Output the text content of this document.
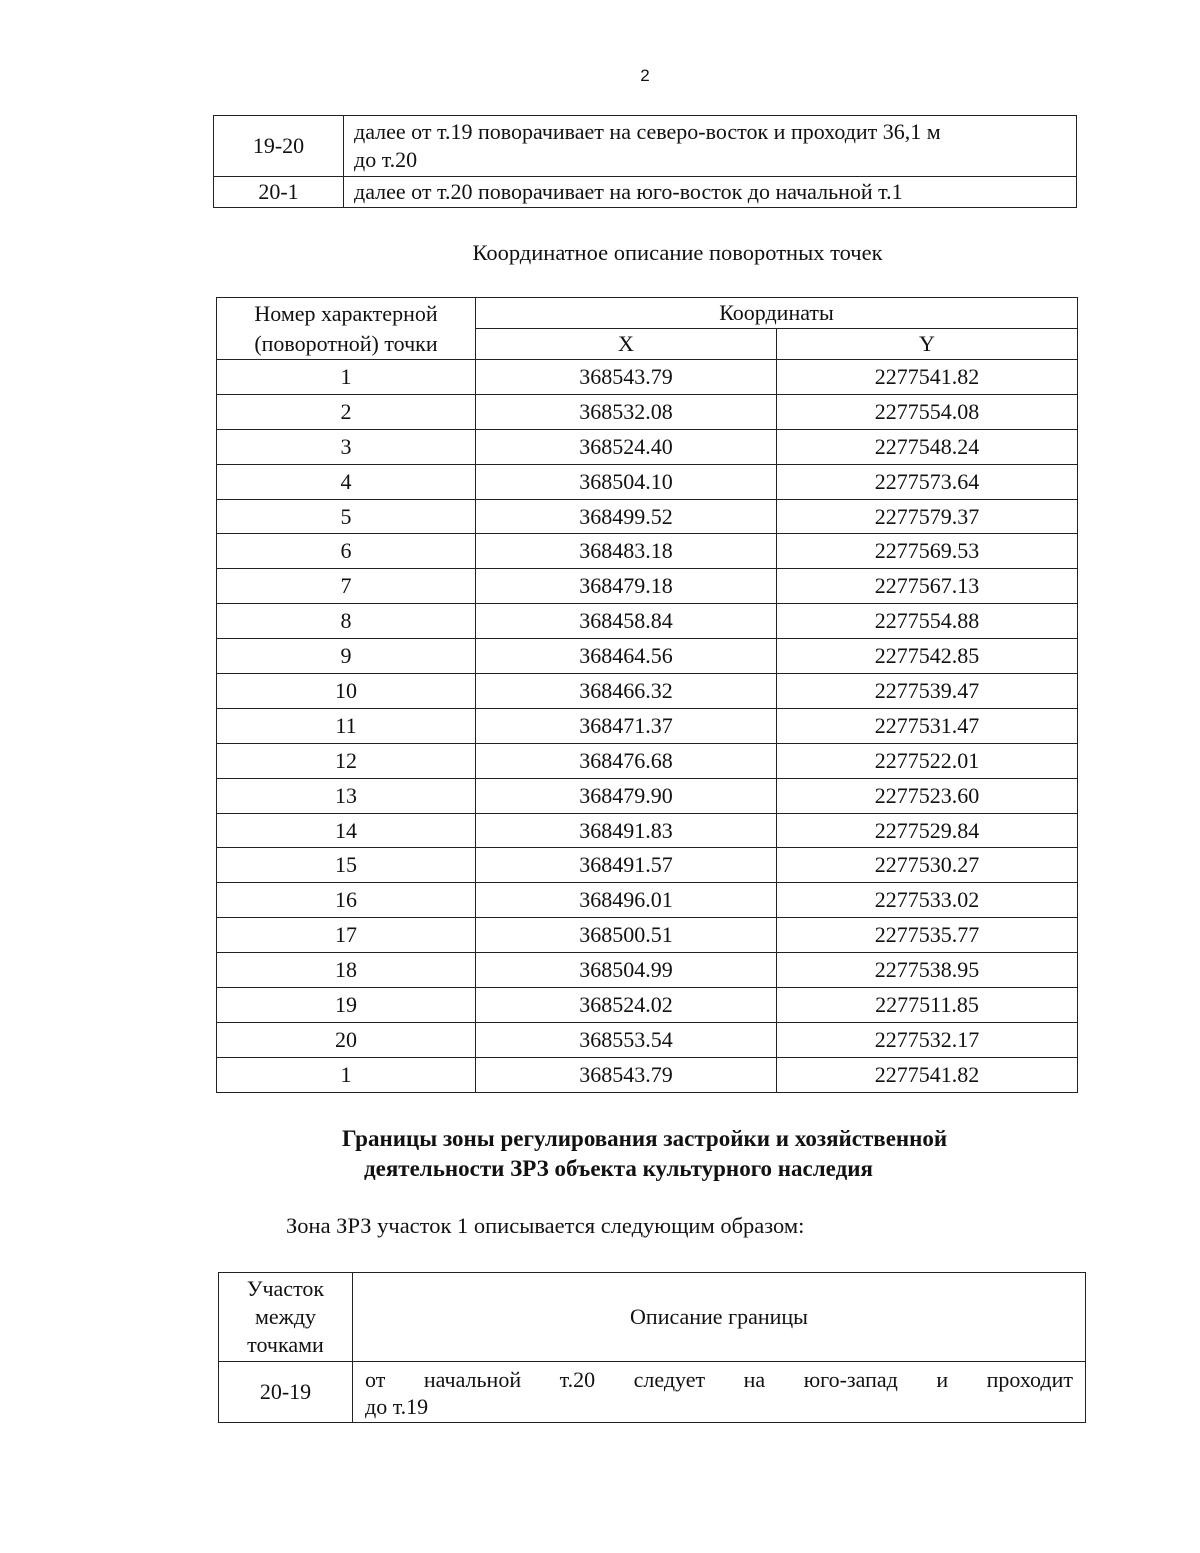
2
19-20	далее от т.19 поворачивает на северо-восток и проходит 36,1 м
до т.20

20-1	далее от т.20 поворачивает на юго-восток до начальной т.1
Координатное описание поворотных точек
Номер характерной
(поворотной) точки	Координаты	
	X	Y
1	368543.79	2277541.82
2	368532.08	2277554.08
3	368524.40	2277548.24
4	368504.10	2277573.64
5	368499.52	2277579.37
6	368483.18	2277569.53
7	368479.18	2277567.13
8	368458.84	2277554.88
9	368464.56	2277542.85
10	368466.32	2277539.47
11	368471.37	2277531.47
12	368476.68	2277522.01
13	368479.90	2277523.60
14	368491.83	2277529.84
15	368491.57	2277530.27
16	368496.01	2277533.02
17	368500.51	2277535.77
18	368504.99	2277538.95
19	368524.02	2277511.85
20	368553.54	2277532.17
1	368543.79	2277541.82
Границы зоны регулирования застройки и хозяйственной
деятельности ЗРЗ объекта культурного наследия
Зона ЗРЗ участок 1 описывается следующим образом:
Участок
между
точками	Описание границы
20-19	от начальной т.20 следует на юго-запад и проходит
до т.19
